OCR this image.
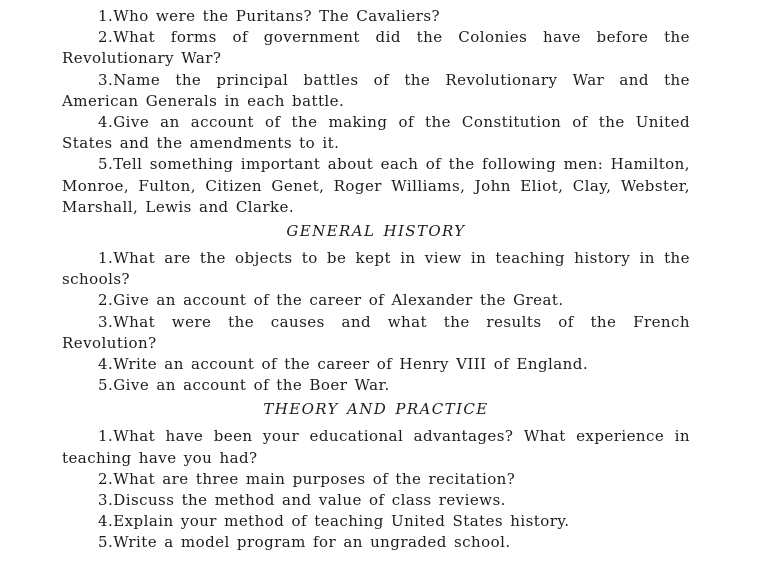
1.Who were the Puritans? The Cavaliers?

2.What forms of government did the Colonies have before the Revolutionary War?

3.Name the principal battles of the Revolutionary War and the American Generals in each battle.

4.Give an account of the making of the Constitution of the United States and the amendments to it.

5.Tell something important about each of the following men: Hamilton, Monroe, Fulton, Citizen Genet, Roger Williams, John Eliot, Clay, Webster, Marshall, Lewis and Clarke.

GENERAL HISTORY

1.What are the objects to be kept in view in teaching history in the schools?

2.Give an account of the career of Alexander the Great.

3.What were the causes and what the results of the French Revolution?

4.Write an account of the career of Henry VIII of England.

5.Give an account of the Boer War.

THEORY AND PRACTICE

1.What have been your educational advantages? What experience in teaching have you had?

2.What are three main purposes of the recitation?

3.Discuss the method and value of class reviews.

4.Explain your method of teaching United States history.

5.Write a model program for an ungraded school.
